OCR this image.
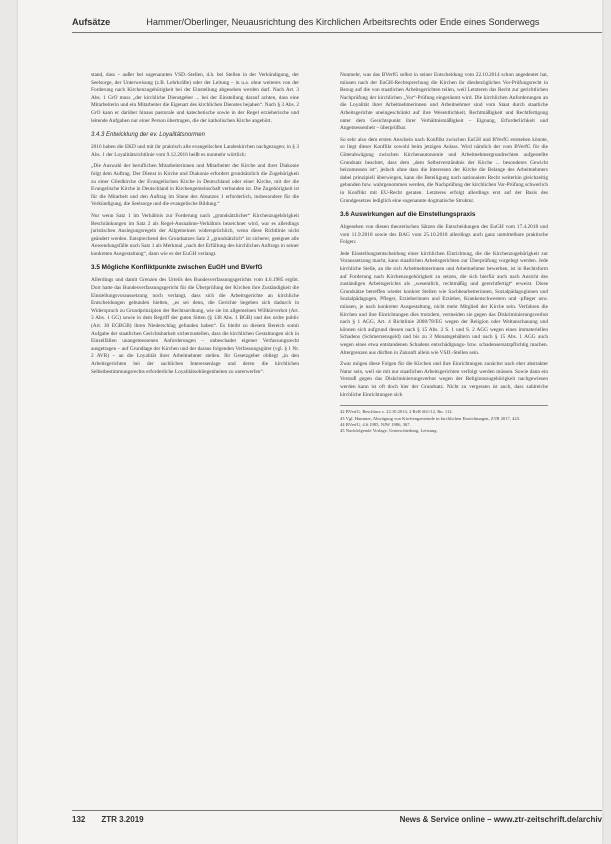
Aufsätze	Hammer/Oberlinger, Neuausrichtung des Kirchlichen Arbeitsrechts oder Ende eines Sonderwegs

stand, dass – außer bei sogenannten VSD.-Stellen, d.h. bei Stellen in der Verkündigung, der Seelsorge, der Unterweisung (z.B. Lehrkräfte) oder der Leitung – in u.a. ohne weiteres von der Forderung nach Kirchenzugehörigkeit bei der Einstellung abgesehen werden darf. Nach Art. 3 Abs. 1 GrO muss „der kirchliche Dienstgeber ... bei der Einstellung darauf achten, dass eine Mitarbeiterin und ein Mitarbeiter die Eigenart des kirchlichen Dienstes bejahen“. Nach § 3 Abs. 2 GrO kann er darüber hinaus pastorale und katechetische sowie in der Regel erzieherische und leitende Aufgaben nur einer Person übertragen, die der katholischen Kirche angehört.

3.4.3 Entwicklung der ev. Loyalitätsnormen

2016 haben die EKD und mit ihr praktisch alle evangelischen Landeskirchen nachgezogen; in § 3 Abs. 1 der Loyalitätsrichtlinie vom 9.12.2016 heißt es nunmehr wörtlich:

„Die Auswahl der beruflichen Mitarbeiterinnen und Mitarbeiter der Kirche und ihrer Diakonie folgt dem Auftrag. Der Dienst in Kirche und Diakonie erfordert grundsätzlich die Zugehörigkeit zu einer Gliedkirche der Evangelischen Kirche in Deutschland oder einer Kirche, mit der die Evangelische Kirche in Deutschland in Kirchengemeinschaft verbunden ist. Die Zugehörigkeit ist für die Mitarbeit und den Auftrag im Sinne des Absatzes 1 erforderlich, insbesondere für die Verkündigung, die Seelsorge und die evangelische Bildung.“

Nur wenn Satz 1 im Verhältnis zur Forderung nach „grundsätzlicher“ Kirchenzugehörigkeit Beschränkungen im Satz 2 als Regel-Ausnahme-Verhältnis bezeichnet wird, war es allerdings juristischen Auslegungsregeln der Allgemeinen widersprüchlich, wenn diese Richtlinie nicht geändert werden. Entsprechend des Grundsatzes Satz 2 „grundsätzlich“ ist sicherer, geeignet alle Anwendungsfälle nach Satz 1 als Merkmal „nach der Erfüllung des kirchlichen Auftrags in seiner konkreten Ausgestaltung“, dann wie es der EuGH verlangt.

3.5 Mögliche Konfliktpunkte zwischen EuGH und BVerfG

Allerdings und damit Grenzen des Urteils des Bundesverfassungsgerichts vom 4.6.1985 ergibt. Dort hatte das Bundesverfassungsgericht für die Überprüfung der Kirchen ihre Zuständigkeit die Einstellungsvoraussetzung noch verlangt, dass sich die Arbeitsgerichte an kirchliche Entscheidungen gebunden hielten, „es sei denn, die Gerichte begeben sich dadurch in Widerspruch zu Grundprinzipien der Rechtsordnung, wie sie im allgemeinen Willkürverbot (Art. 3 Abs. 1 GG) sowie in dem Begriff der guten Sitten (§ 138 Abs. 1 BGB) und des ordre public (Art. 30 EGBGB) ihren Niederschlag gefunden haben“. Es bleibt zu diesem Bereich somit Aufgabe der staatlichen Gerichtsbarkeit sicherzustellen, dass die kirchlichen Gestaltungen sich in Einzelfällen unangemessenen Anforderungen – unbeschadet eigener Verfassungsrecht ausgetragen – auf Grundlage der Kirchen und der daraus folgenden Verfassungsgüter (vgl. § 1 Nr. 2 AVR) – an die Loyalität ihrer Arbeitnehmer stellen. Ihr Gesetzgeber obliegt „in den Arbeitsgerichten bei der sachlichen Interessenlage und deren die kirchlichen Selbstbestimmungsrechts erforderliche Loyalitätsobliegenheiten zu unterwerfen“.

Nunmehr, was das BVerfG selbst in seiner Entscheidung vom 22.10.2014 schon angedeutet hat, müssen nach der EuGH-Rechtsprechung die Kirchen ihr diesbezügliches Vor-Prüfungsrecht in Bezug auf die von staatlichen Arbeitsgerichten teilen, weil Letzteren das Recht zur gerichtlichen Nachprüfung der kirchlichen „Vor“-Prüfung eingeräumt wird. Die kirchlichen Anforderungen an die Loyalität ihrer Arbeitnehmerinnen und Arbeitnehmer sind vom Staat durch staatliche Arbeitsgerichte uneingeschränkt auf ihre Wesentlichkeit, Rechtmäßigkeit und Rechtfertigung unter dem Gesichtspunkt ihrer Verhältnismäßigkeit – Eignung, Erforderlichkeit und Angemessenheit – überprüfbar.

So sehr also dem ersten Anschein nach Konflikt zwischen EuGH und BVerfG entstehen könnte, so liegt dieser Konflikt sowohl beim jetzigen Anlass. Wird nämlich der vom BVerfG für die Güterabwägung zwischen Kirchenautonomie und Arbeitnehmergrundrechten aufgestellte Grundsatz beachtet, dass dem „dem Selbstverständnis der Kirche ... besonderes Gewicht beizumessen ist“, jedoch ohne dass die Interessen der Kirche die Belange des Arbeitnehmers dabei prinzipiell überwiegen, kann die Beteiligung nach nationalem Recht weiterhin gleichzeitig gebunden bzw. wahrgenommen werden, die Nachprüfung der kirchlichen Vor-Prüfung schwerlich in Konflikt mit EU-Recht geraten. Letzteres erfolgt allerdings erst auf der Basis des Grundgesetzes lediglich eine sogenannte dogmatische Struktur.

3.6 Auswirkungen auf die Einstellungspraxis

Abgesehen von diesen theoretischen Sätzen die Entscheidungen des EuGH vom 17.4.2018 und vom 11.9.2018 sowie des BAG vom 25.10.2018 allerdings auch ganz unmittelbare praktische Folgen:

Jede Einstellungsentscheidung einer kirchlichen Einrichtung, die die Kirchenzugehörigkeit zur Voraussetzung macht, kann staatlichen Arbeitsgerichten zur Überprüfung vorgelegt werden. Jede kirchliche Stelle, an die sich Arbeitnehmerinnen und Arbeitnehmer bewerben, ist in Rechtsform auf Forderung nach Kirchenzugehörigkeit zu setzen, die sich hierfür auch nach Ansicht des zuständigen Arbeitsgerichts als „wesentlich, rechtmäßig und gerechtfertigt“ erweist. Diese Grundsätze betreffen wieder konkret Stellen wie Sachbearbeiterinnen, Sozialpädagoginnen und Sozialpädagogen, Pfleger, Erzieherinnen und Erzieher, Krankenschwestern und -pfleger usw. müssen, je nach konkreter Ausgestaltung, nicht mehr Mitglied der Kirche sein. Verfahren die Kirchen und ihre Einrichtungen dies trotzdem, vermeiden sie gegen das Diskriminierungsverbot nach § 1 AGG, Art. 4 Richtlinie 2000/78/EG wegen der Religion oder Weltanschauung und können sich aufgrund dessen nach § 15 Abs. 2 S. 1 und S. 2 AGG wegen eines immateriellen Schadens (Schmerzensgeld) und bis zu 3 Monatsgehältern und nach § 15 Abs. 1 AGG auch wegen eines etwa entstandenen Schadens entschädigungs- bzw. schadensersatzpflichtig machen. Altergrenzen aus dürften in Zukunft allein wie VSD.-Stellen sein.

Zwar mögen diese Folgen für die Kirchen und ihre Einrichtungen zunächst nach eher abstrakter Natur sein, weil sie mit nur staatlichen Arbeitsgerichten verfolgt werden müssen. Sowie dann ein Verstoß gegen das Diskriminierungsverbot wegen der Religionszugehörigkeit nachgewiesen werden kann ist oft doch hier der Grundsatz. Nicht zu vergessen ist auch, dass zahlreiche kirchliche Einrichtungen sich

42 BVerfG, Beschluss v. 22.10.2014, 2 BvR 661/12, Rn. 112.
43 Vgl. Hammer, Abwägung von Kirchengemeinde in kirchlichen Einrichtungen, ZTR 2017, 423.
44 BVerfG, 4.6.1985, NJW 1986, 367.
45 Nachfolgende Vorlage, Unterschiedung, Leistung.
132 ZTR 3.2019	News & Service online – www.ztr-zeitschrift.de/archiv
